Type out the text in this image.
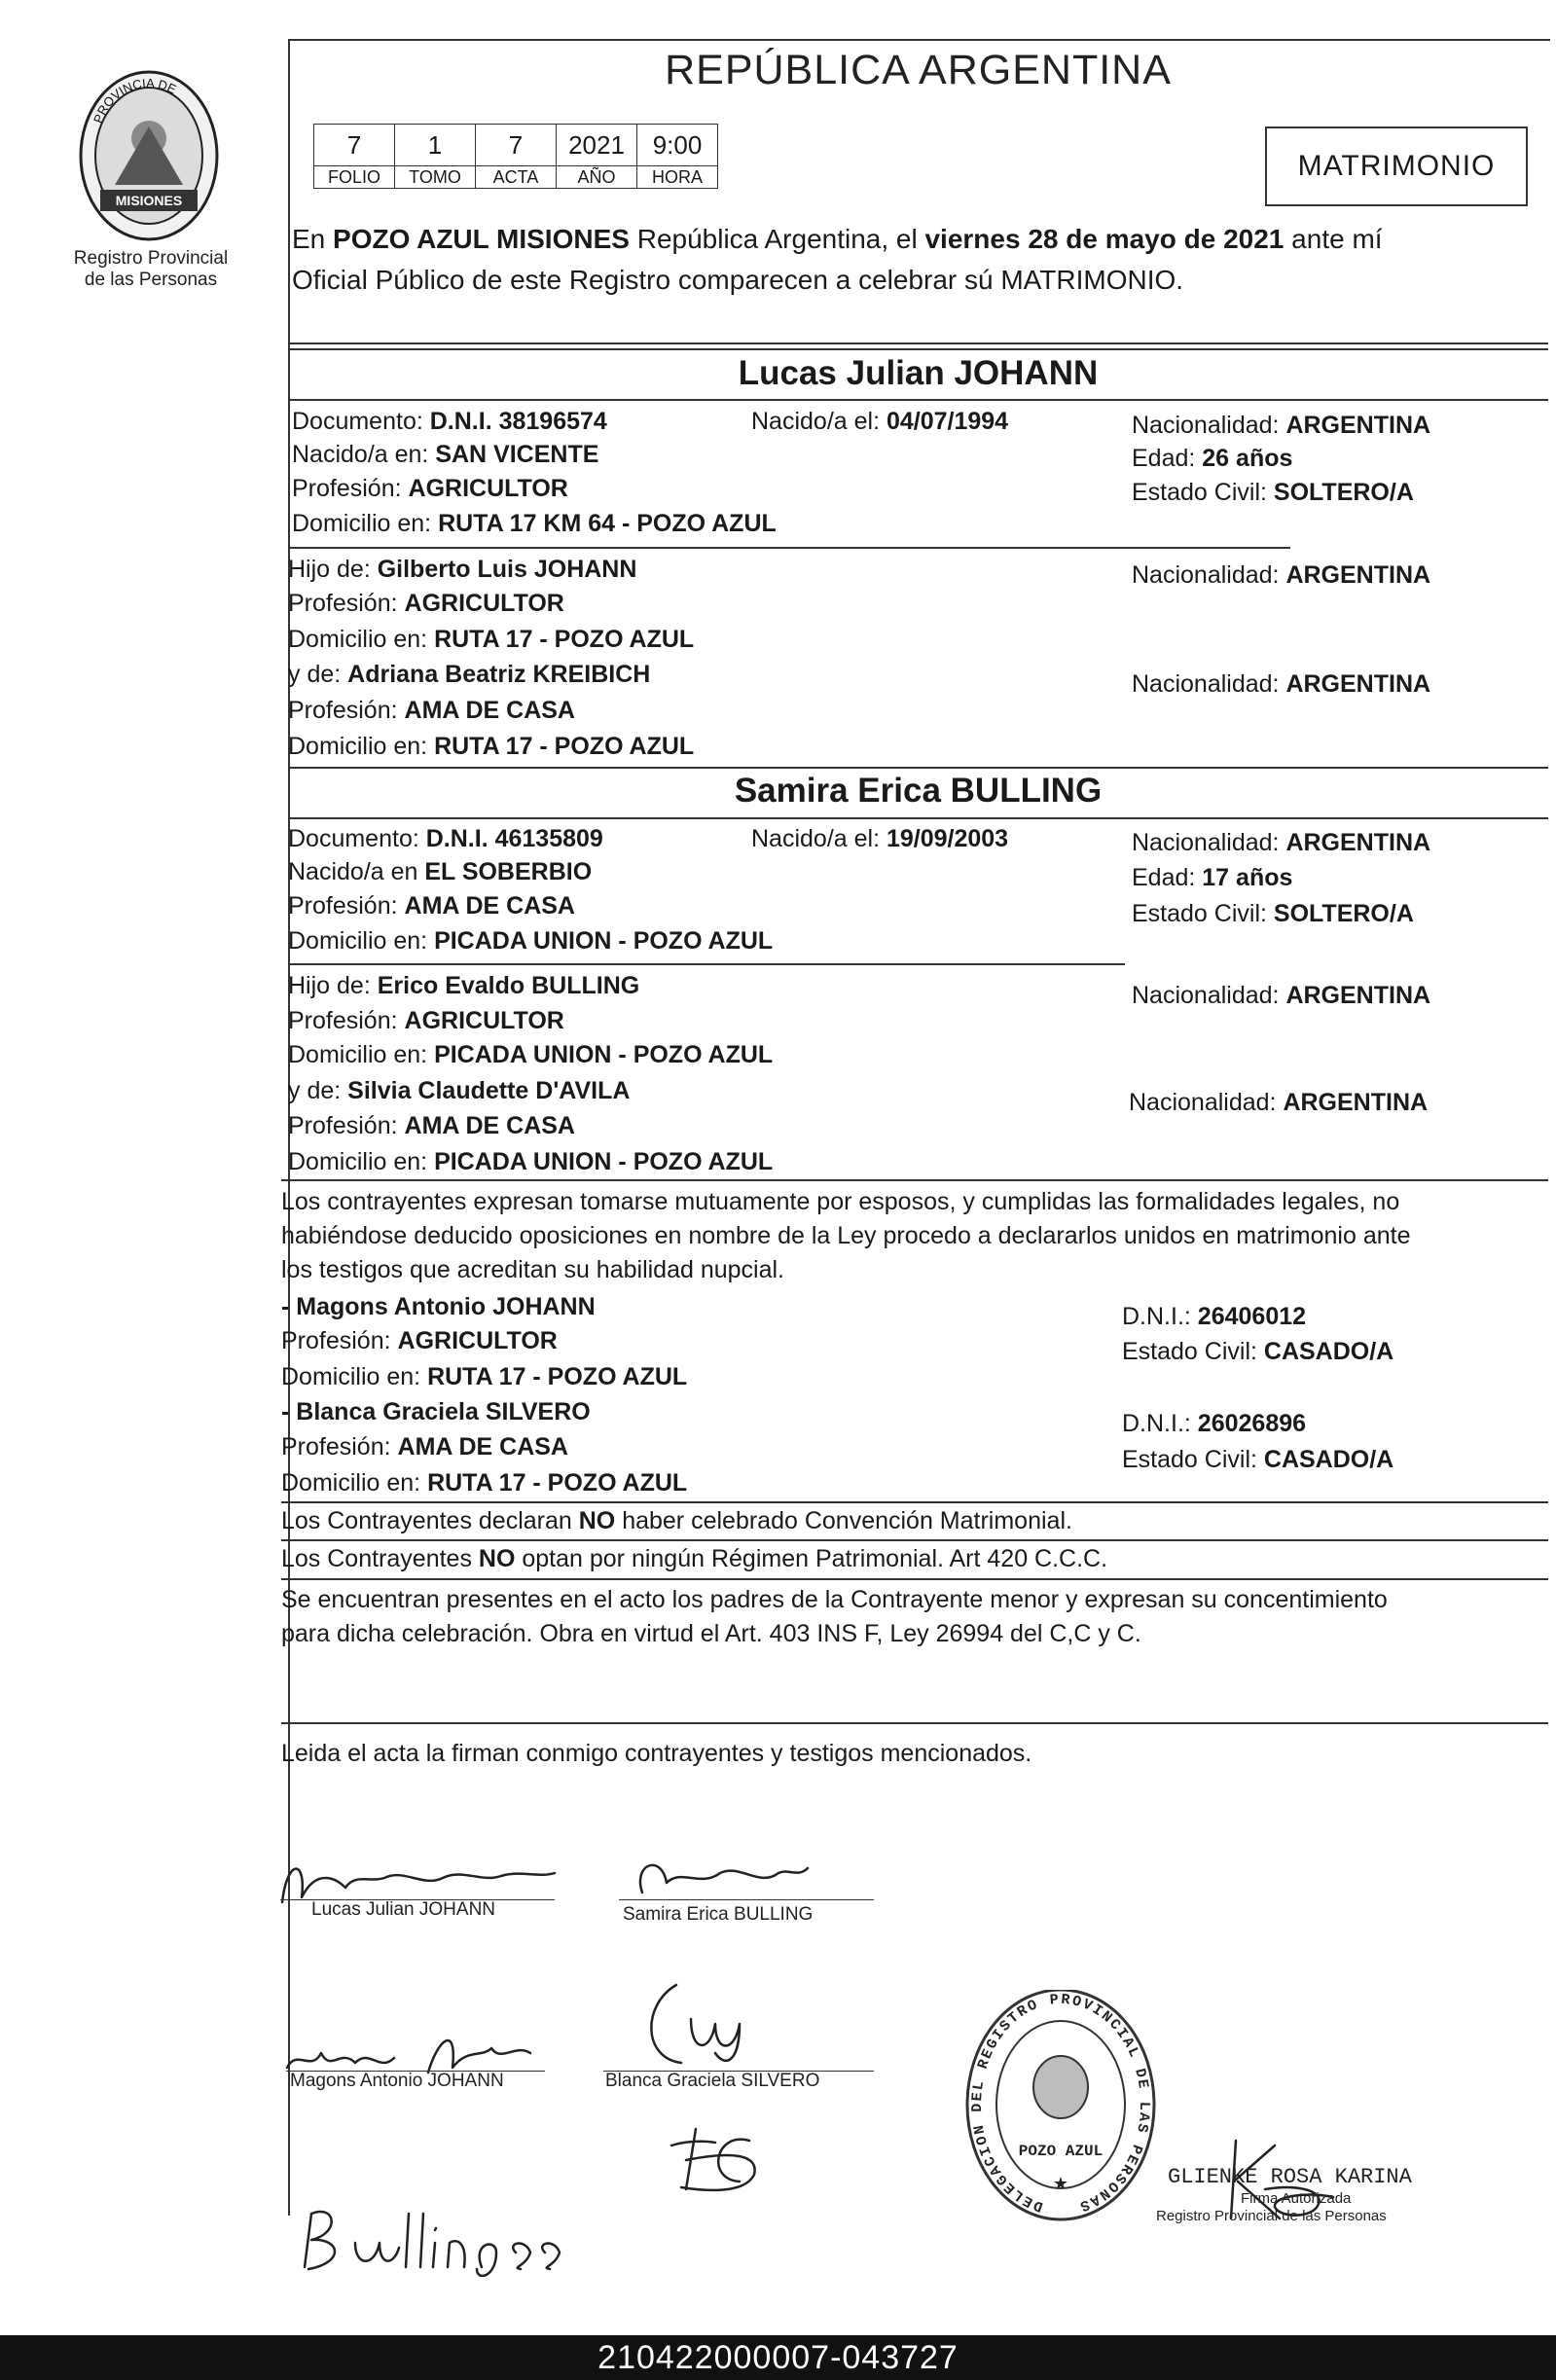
PROVINCIA DE
MISIONES
Registro Provincial
de las Personas
REPÚBLICA ARGENTINA
7	1	7	2021	9:00
FOLIO	TOMO	ACTA	AÑO	HORA	MATRIMONIO
En POZO AZUL MISIONES República Argentina, el viernes 28 de mayo de 2021 ante mí
Oficial Público de este Registro comparecen a celebrar sú MATRIMONIO.
Lucas Julian JOHANN
Documento: D.N.I. 38196574	Nacido/a el: 04/07/1994	Nacionalidad: ARGENTINA
Nacido/a en: SAN VICENTE	Edad: 26 años
Profesión: AGRICULTOR	Estado Civil: SOLTERO/A
Domicilio en: RUTA 17 KM 64 - POZO AZUL
Hijo de: Gilberto Luis JOHANN	Nacionalidad: ARGENTINA
Profesión: AGRICULTOR
Domicilio en: RUTA 17 - POZO AZUL
y de: Adriana Beatriz KREIBICH	Nacionalidad: ARGENTINA
Profesión: AMA DE CASA
Domicilio en: RUTA 17 - POZO AZUL
Samira Erica BULLING
Documento: D.N.I. 46135809	Nacido/a el: 19/09/2003	Nacionalidad: ARGENTINA
Nacido/a en EL SOBERBIO	Edad: 17 años
Profesión: AMA DE CASA	Estado Civil: SOLTERO/A
Domicilio en: PICADA UNION - POZO AZUL
Hijo de: Erico Evaldo BULLING	Nacionalidad: ARGENTINA
Profesión: AGRICULTOR
Domicilio en: PICADA UNION - POZO AZUL
y de: Silvia Claudette D'AVILA	Nacionalidad: ARGENTINA
Profesión: AMA DE CASA
Domicilio en: PICADA UNION - POZO AZUL
Los contrayentes expresan tomarse mutuamente por esposos, y cumplidas las formalidades legales, no
habiéndose deducido oposiciones en nombre de la Ley procedo a declararlos unidos en matrimonio ante
los testigos que acreditan su habilidad nupcial.
- Magons Antonio JOHANN	D.N.I.: 26406012
Profesión: AGRICULTOR	Estado Civil: CASADO/A
Domicilio en: RUTA 17 - POZO AZUL
- Blanca Graciela SILVERO	D.N.I.: 26026896
Profesión: AMA DE CASA	Estado Civil: CASADO/A
Domicilio en: RUTA 17 - POZO AZUL
Los Contrayentes declaran NO haber celebrado Convención Matrimonial.
Los Contrayentes NO optan por ningún Régimen Patrimonial. Art 420 C.C.C.
Se encuentran presentes en el acto los padres de la Contrayente menor y expresan su concentimiento
para dicha celebración. Obra en virtud el Art. 403 INS F, Ley 26994 del C,C y C.
Leida el acta la firman conmigo contrayentes y testigos mencionados.
Lucas Julian JOHANN	Samira Erica BULLING
Magons Antonio JOHANN	Blanca Graciela SILVERO
DELEGACION DEL REGISTRO PROVINCIAL DE LAS PERSONAS
POZO AZUL
★	GLIENKE ROSA KARINA
Firma Autorizada
Registro Provincial de las Personas
210422000007-043727
